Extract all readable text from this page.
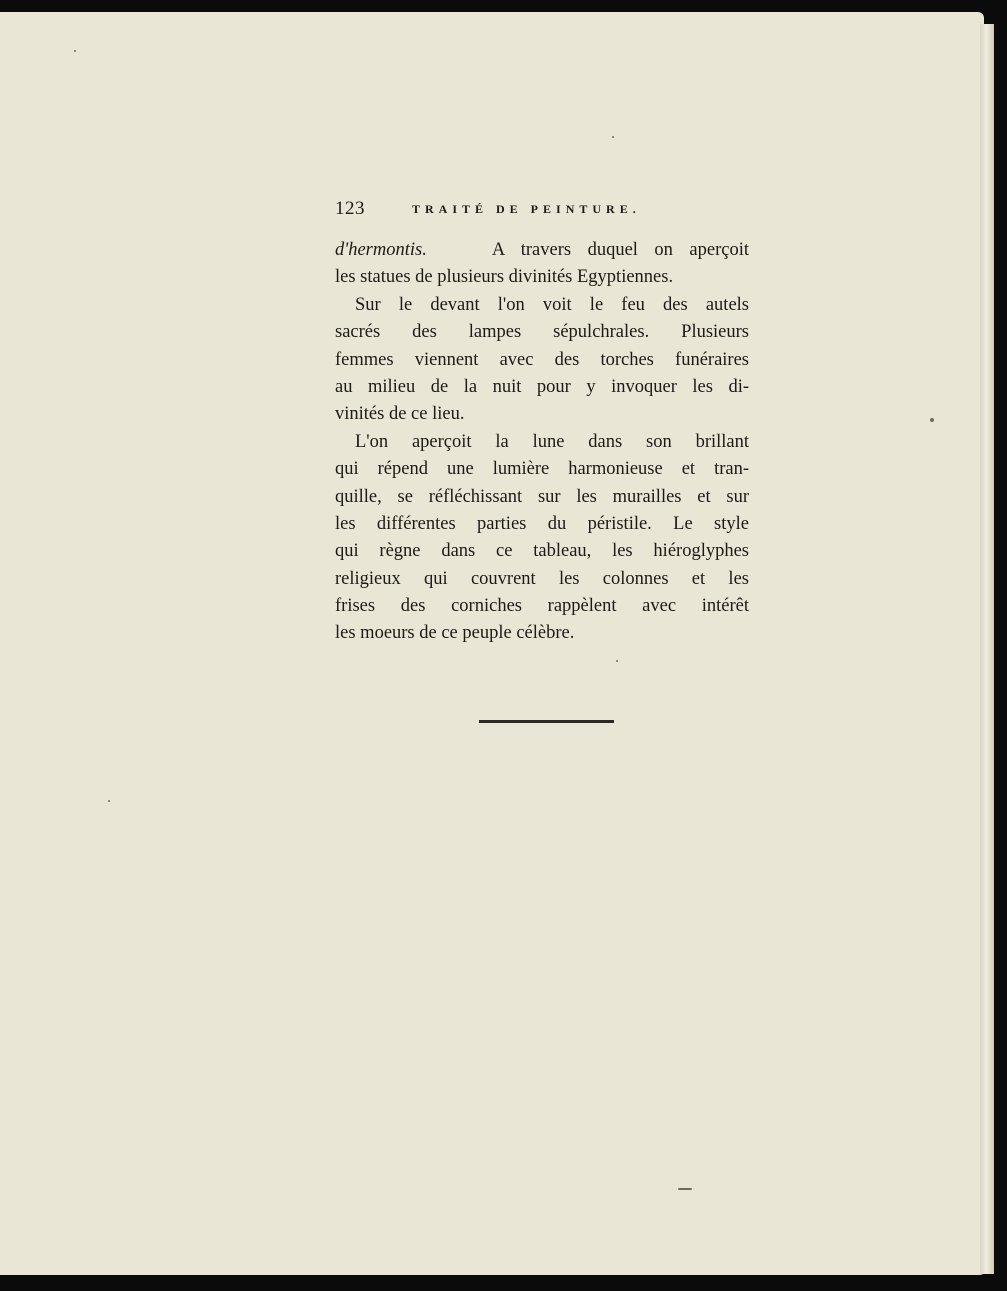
123	TRAITÉ DE PEINTURE.
d'hermontis.	A travers duquel on aperçoit
les statues de plusieurs divinités Egyptiennes.
Sur le devant l'on voit le feu des autels
sacrés des lampes sépulchrales. Plusieurs
femmes viennent avec des torches funéraires
au milieu de la nuit pour y invoquer les di-
vinités de ce lieu.
L'on aperçoit la lune dans son brillant
qui répend une lumière harmonieuse et tran-
quille, se réfléchissant sur les murailles et sur
les différentes parties du péristile. Le style
qui règne dans ce tableau, les hiéroglyphes
religieux qui couvrent les colonnes et les
frises des corniches rappèlent avec intérêt
les moeurs de ce peuple célèbre.
